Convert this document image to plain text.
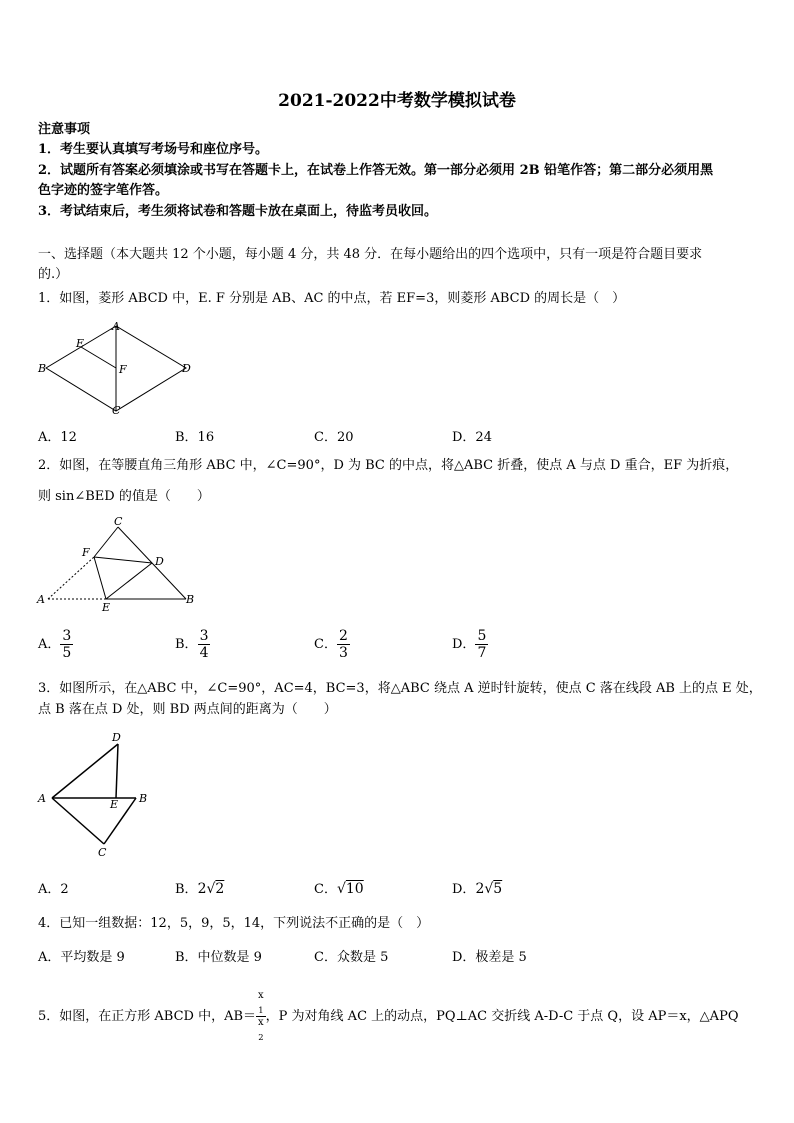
2021-2022中考数学模拟试卷
注意事项
1．考生要认真填写考场号和座位序号。
2．试题所有答案必须填涂或书写在答题卡上，在试卷上作答无效。第一部分必须用 2B 铅笔作答；第二部分必须用黑
色字迹的签字笔作答。
3．考试结束后，考生须将试卷和答题卡放在桌面上，待监考员收回。
一、选择题（本大题共 12 个小题，每小题 4 分，共 48 分．在每小题给出的四个选项中，只有一项是符合题目要求
的.）
1．如图，菱形 ABCD 中，E. F 分别是 AB、AC 的中点，若 EF=3，则菱形 ABCD 的周长是（　）
A
B
C
D
E
F
A．12	B．16	C．20	D．24
2．如图，在等腰直角三角形 ABC 中，∠C=90°，D 为 BC 的中点，将△ABC 折叠，使点 A 与点 D 重合，EF 为折痕，
则 sin∠BED 的值是（　　）
C
F
D
A
E
B
A． $\frac{3}{5}$	B． $\frac{3}{4}$	C． $\frac{2}{3}$	D． $\frac{5}{7}$
3．如图所示，在△ABC 中，∠C=90°，AC=4，BC=3，将△ABC 绕点 A 逆时针旋转，使点 C 落在线段 AB 上的点 E 处，
点 B 落在点 D 处，则 BD 两点间的距离为（　　）
D
A	E B
C
A．2	B．2√2	C．√10	D．2√5
4．已知一组数据：12，5，9，5，14，下列说法不正确的是（　）
A．平均数是 9	B．中位数是 9	C．众数是 5	D．极差是 5
5．如图，在正方形 ABCD 中，AB＝ x
$_1$
x
$_2$ ，P 为对角线 AC 上的动点，PQ⊥AC 交折线 A-D-C 于点 Q，设 AP＝x，△APQ
